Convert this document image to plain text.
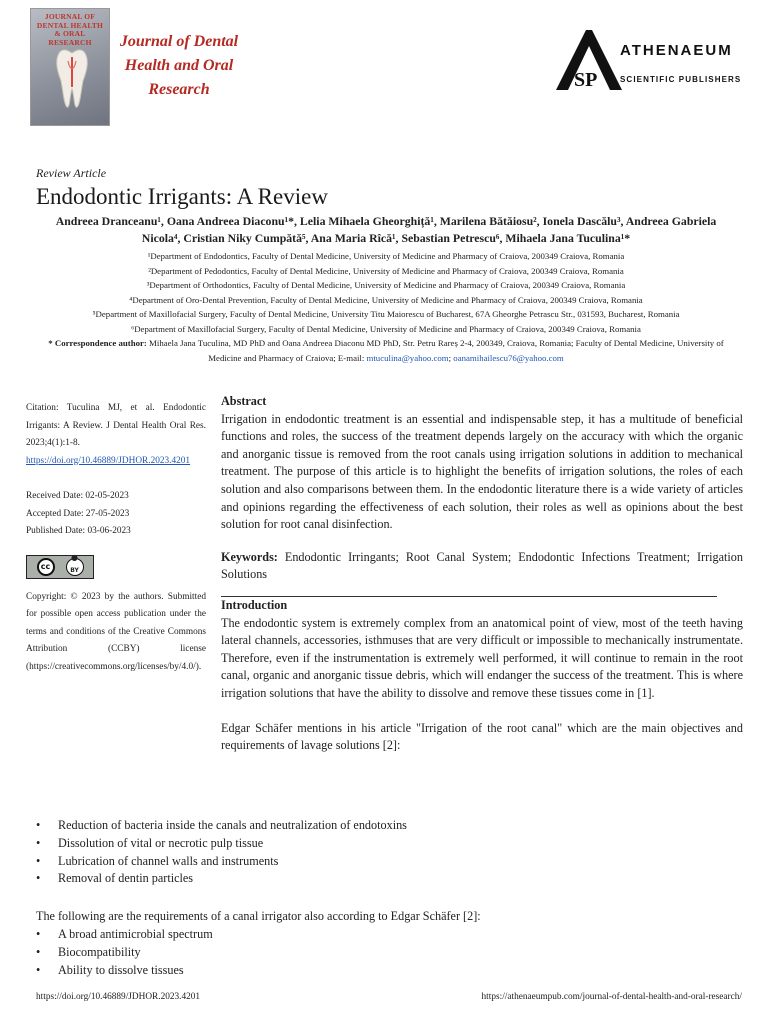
JOURNAL OF DENTAL HEALTH & ORAL RESEARCH	Journal of Dental
Health and Oral
Research	SP
ATHENAEUM
SCIENTIFIC PUBLISHERS
Review Article
Endodontic Irrigants: A Review
Andreea Dranceanu¹, Oana Andreea Diaconu¹*, Lelia Mihaela Gheorghiță¹, Marilena Bătăiosu², Ionela Dascălu³, Andreea Gabriela Nicola⁴, Cristian Niky Cumpătă⁵, Ana Maria Rîcă¹, Sebastian Petrescu⁶, Mihaela Jana Tuculina¹*

¹Department of Endodontics, Faculty of Dental Medicine, University of Medicine and Pharmacy of Craiova, 200349 Craiova, Romania

²Department of Pedodontics, Faculty of Dental Medicine, University of Medicine and Pharmacy of Craiova, 200349 Craiova, Romania

³Department of Orthodontics, Faculty of Dental Medicine, University of Medicine and Pharmacy of Craiova, 200349 Craiova, Romania

⁴Department of Oro-Dental Prevention, Faculty of Dental Medicine, University of Medicine and Pharmacy of Craiova, 200349 Craiova, Romania

⁵Department of Maxillofacial Surgery, Faculty of Dental Medicine, University Titu Maiorescu of Bucharest, 67A Gheorghe Petrascu Str., 031593, Bucharest, Romania

⁶Department of Maxillofacial Surgery, Faculty of Dental Medicine, University of Medicine and Pharmacy of Craiova, 200349 Craiova, Romania

* Correspondence author: Mihaela Jana Tuculina, MD PhD and Oana Andreea Diaconu MD PhD, Str. Petru Rareș 2-4, 200349, Craiova, Romania; Faculty of Dental Medicine, University of Medicine and Pharmacy of Craiova; E-mail: mtuculina@yahoo.com; oanamihailescu76@yahoo.com

Citation: Tuculina MJ, et al. Endodontic Irrigants: A Review. J Dental Health Oral Res. 2023;4(1):1-8.
https://doi.org/10.46889/JDHOR.2023.4201
Received Date: 02-05-2023
Accepted Date: 27-05-2023
Published Date: 03-06-2023
cc
●
BY
Copyright: © 2023 by the authors. Submitted for possible open access publication under the terms and conditions of the Creative Commons Attribution (CCBY) license (https://creativecommons.org/licenses/by/4.0/).
Abstract

Irrigation in endodontic treatment is an essential and indispensable step, it has a multitude of beneficial functions and roles, the success of the treatment depends largely on the accuracy with which the organic and anorganic tissue is removed from the root canals using irrigation solutions in addition to mechanical treatment. The purpose of this article is to highlight the benefits of irrigation solutions, the roles of each solution and also comparisons between them. In the endodontic literature there is a wide variety of articles and opinions regarding the effectiveness of each solution, their roles as well as opinions about the best solution for root canal disinfection.

Keywords: Endodontic Irringants; Root Canal System; Endodontic Infections Treatment; Irrigation Solutions

Introduction

The endodontic system is extremely complex from an anatomical point of view, most of the teeth having lateral channels, accessories, isthmuses that are very difficult or impossible to mechanically instrumentate. Therefore, even if the instrumentation is extremely well performed, it will continue to remain in the root canal, organic and anorganic tissue debris, which will endanger the success of the treatment. This is where irrigation solutions that have the ability to dissolve and remove these tissues come in [1].

Edgar Schäfer mentions in his article "Irrigation of the root canal" which are the main objectives and requirements of lavage solutions [2]:

• Reduction of bacteria inside the canals and neutralization of endotoxins
• Dissolution of vital or necrotic pulp tissue
• Lubrication of channel walls and instruments
• Removal of dentin particles

The following are the requirements of a canal irrigator also according to Edgar Schäfer [2]:

• A broad antimicrobial spectrum
• Biocompatibility
• Ability to dissolve tissues
https://doi.org/10.46889/JDHOR.2023.4201	https://athenaeumpub.com/journal-of-dental-health-and-oral-research/
